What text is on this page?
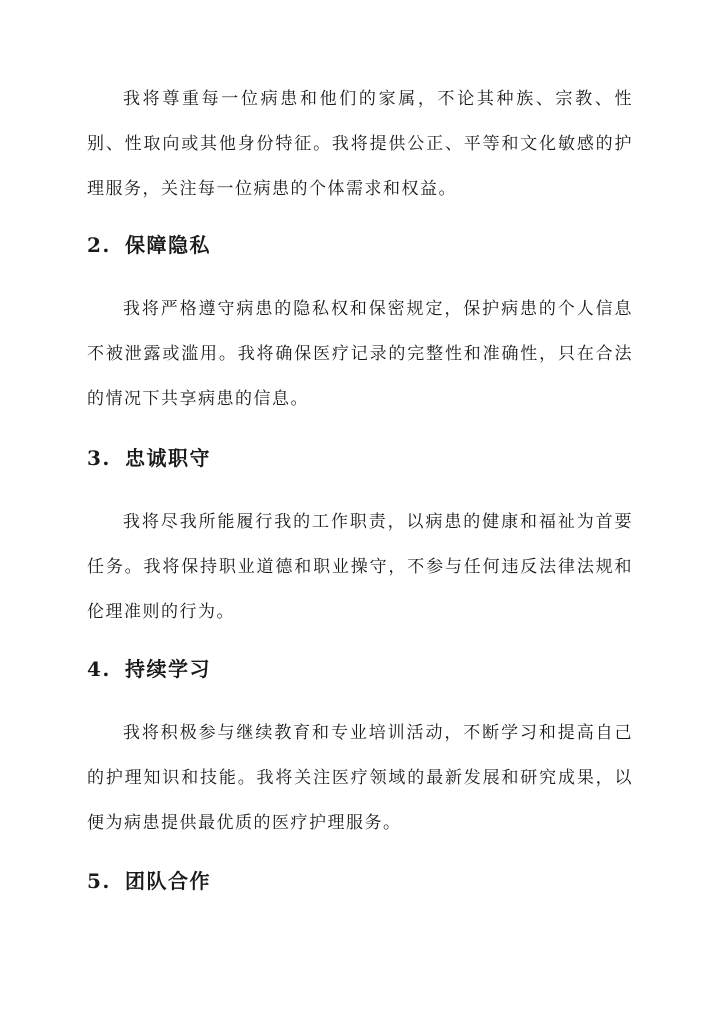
我将尊重每一位病患和他们的家属，不论其种族、宗教、性别、性取向或其他身份特征。我将提供公正、平等和文化敏感的护理服务，关注每一位病患的个体需求和权益。

2. 保障隐私

我将严格遵守病患的隐私权和保密规定，保护病患的个人信息不被泄露或滥用。我将确保医疗记录的完整性和准确性，只在合法的情况下共享病患的信息。

3. 忠诚职守

我将尽我所能履行我的工作职责，以病患的健康和福祉为首要任务。我将保持职业道德和职业操守，不参与任何违反法律法规和伦理准则的行为。

4. 持续学习

我将积极参与继续教育和专业培训活动，不断学习和提高自己的护理知识和技能。我将关注医疗领域的最新发展和研究成果，以便为病患提供最优质的医疗护理服务。

5. 团队合作
